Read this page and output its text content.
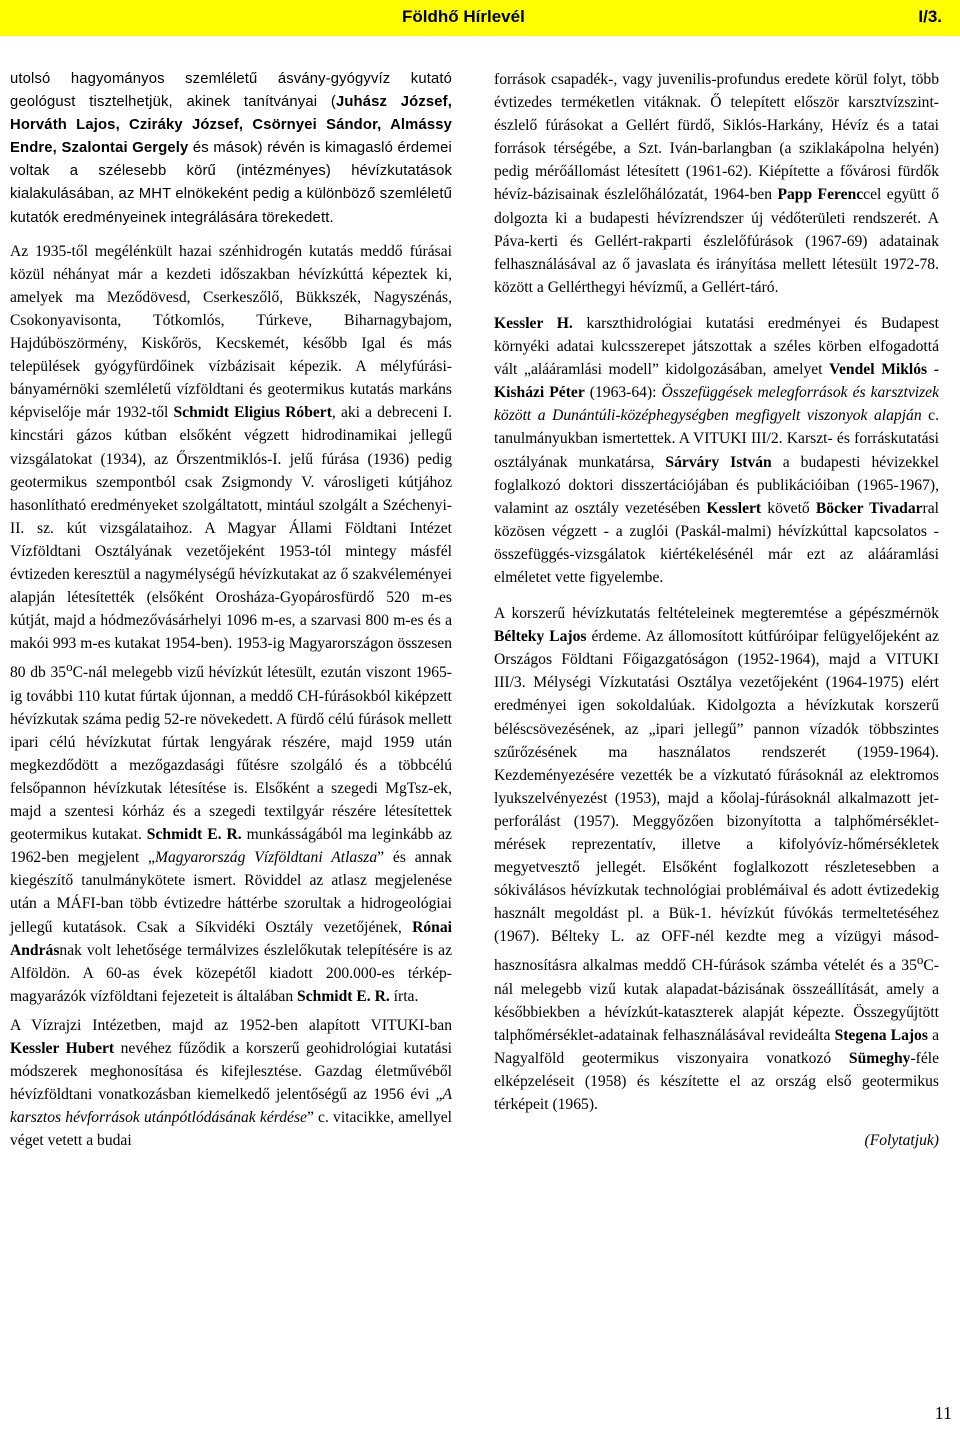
Földhő Hírlevél	I/3.

utolsó hagyományos szemléletű ásvány-gyógyvíz kutató geológust tisztelhetjük, akinek tanítványai (Juhász József, Horváth Lajos, Cziráky József, Csörnyei Sándor, Almássy Endre, Szalontai Gergely és mások) révén is kimagasló érdemei voltak a szélesebb körű (intézményes) hévízkutatások kialakulásában, az MHT elnökeként pedig a különböző szemléletű kutatók eredményeinek integrálására törekedett.

Az 1935-től megélénkült hazai szénhidrogén kutatás meddő fúrásai közül néhányat már a kezdeti időszakban hévízkúttá képeztek ki, amelyek ma Meződövesd, Cserkeszőlő, Bükkszék, Nagyszénás, Csokonyavisonta, Tótkomlós, Túrkeve, Biharnagybajom, Hajdúböszörmény, Kiskőrös, Kecskemét, később Igal és más települések gyógyfürdőinek vízbázisait képezik. A mélyfúrási-bányamérnöki szemléletű vízföldtani és geotermikus kutatás markáns képviselője már 1932-től Schmidt Eligius Róbert, aki a debreceni I. kincstári gázos kútban elsőként végzett hidrodinamikai jellegű vizsgálatokat (1934), az Őrszentmiklós-I. jelű fúrása (1936) pedig geotermikus szempontból csak Zsigmondy V. városligeti kútjához hasonlítható eredményeket szolgáltatott, mintául szolgált a Széchenyi-II. sz. kút vizsgálataihoz. A Magyar Állami Földtani Intézet Vízföldtani Osztályának vezetőjeként 1953-tól mintegy másfél évtizeden keresztül a nagymélységű hévízkutakat az ő szakvéleményei alapján létesítették (elsőként Orosháza-Gyopárosfürdő 520 m-es kútját, majd a hódmezővásárhelyi 1096 m-es, a szarvasi 800 m-es és a makói 993 m-es kutakat 1954-ben). 1953-ig Magyarországon összesen 80 db 35$^o$C-nál melegebb vizű hévízkút létesült, ezután viszont 1965-ig további 110 kutat fúrtak újonnan, a meddő CH-fúrásokból kiképzett hévízkutak száma pedig 52-re növekedett. A fürdő célú fúrások mellett ipari célú hévízkutat fúrtak lengyárak részére, majd 1959 után megkezdődött a mezőgazdasági fűtésre szolgáló és a többcélú felsőpannon hévízkutak létesítése is. Elsőként a szegedi MgTsz-ek, majd a szentesi kórház és a szegedi textilgyár részére létesítettek geotermikus kutakat. Schmidt E. R. munkásságából ma leginkább az 1962-ben megjelent „Magyarország Vízföldtani Atlasza” és annak kiegészítő tanulmánykötete ismert. Röviddel az atlasz megjelenése után a MÁFI-ban több évtizedre háttérbe szorultak a hidrogeológiai jellegű kutatások. Csak a Síkvidéki Osztály vezetőjének, Rónai Andrásnak volt lehetősége termálvizes észlelőkutak telepítésére is az Alföldön. A 60-as évek közepétől kiadott 200.000-es térkép-magyarázók vízföldtani fejezeteit is általában Schmidt E. R. írta.

A Vízrajzi Intézetben, majd az 1952-ben alapított VITUKI-ban Kessler Hubert nevéhez fűződik a korszerű geohidrológiai kutatási módszerek meghonosítása és kifejlesztése. Gazdag életművéből hévízföldtani vonatkozásban kiemelkedő jelentőségű az 1956 évi „A karsztos hévforrások utánpótlódásának kérdése” c. vitacikke, amellyel véget vetett a budai

források csapadék-, vagy juvenilis-profundus eredete körül folyt, több évtizedes terméketlen vitáknak. Ő telepített először karsztvízszint-észlelő fúrásokat a Gellért fürdő, Siklós-Harkány, Hévíz és a tatai források térségébe, a Szt. Iván-barlangban (a sziklakápolna helyén) pedig mérőállomást létesített (1961-62). Kiépítette a fővárosi fürdők hévíz-bázisainak észlelőhálózatát, 1964-ben Papp Ferenccel együtt ő dolgozta ki a budapesti hévízrendszer új védőterületi rendszerét. A Páva-kerti és Gellért-rakparti észlelőfúrások (1967-69) adatainak felhasználásával az ő javaslata és irányítása mellett létesült 1972-78. között a Gellérthegyi hévízmű, a Gellért-táró.

Kessler H. karszthidrológiai kutatási eredményei és Budapest környéki adatai kulcsszerepet játszottak a széles körben elfogadottá vált „alááramlási modell” kidolgozásában, amelyet Vendel Miklós - Kisházi Péter (1963-64): Összefüggések melegforrások és karsztvizek között a Dunántúli-középhegységben megfigyelt viszonyok alapján c. tanulmányukban ismertettek. A VITUKI III/2. Karszt- és forráskutatási osztályának munkatársa, Sárváry István a budapesti hévizekkel foglalkozó doktori disszertációjában és publikációiban (1965-1967), valamint az osztály vezetésében Kesslert követő Böcker Tivadarral közösen végzett - a zuglói (Paskál-malmi) hévízkúttal kapcsolatos - összefüggés-vizsgálatok kiértékelésénél már ezt az alááramlási elméletet vette figyelembe.

A korszerű hévízkutatás feltételeinek megteremtése a gépészmérnök Bélteky Lajos érdeme. Az állomosított kútfúróipar felügyelőjeként az Országos Földtani Főigazgatóságon (1952-1964), majd a VITUKI III/3. Mélységi Vízkutatási Osztálya vezetőjeként (1964-1975) elért eredményei igen sokoldalúak. Kidolgozta a hévízkutak korszerű béléscsövezésének, az „ipari jellegű” pannon vízadók többszintes szűrőzésének ma használatos rendszerét (1959-1964). Kezdeményezésére vezették be a vízkutató fúrásoknál az elektromos lyukszelvényezést (1953), majd a kőolaj-fúrásoknál alkalmazott jet-perforálást (1957). Meggyőzően bizonyította a talphőmérséklet-mérések reprezentatív, illetve a kifolyóvíz-hőmérsékletek megyetvesztő jellegét. Elsőként foglalkozott részletesebben a sókiválásos hévízkutak technológiai problémáival és adott évtizedekig használt megoldást pl. a Bük-1. hévízkút fúvókás termeltetéséhez (1967). Bélteky L. az OFF-nél kezdte meg a vízügyi másod-hasznosításra alkalmas meddő CH-fúrások számba vételét és a 35$^o$C-nál melegebb vizű kutak alapadat-bázisának összeállítását, amely a későbbiekben a hévízkút-kataszterek alapját képezte. Összegyűjtött talphőmérséklet-adatainak felhasználásával revideálta Stegena Lajos a Nagyalföld geotermikus viszonyaira vonatkozó Sümeghy-féle elképzeléseit (1958) és készítette el az ország első geotermikus térképeit (1965).

(Folytatjuk)

11
